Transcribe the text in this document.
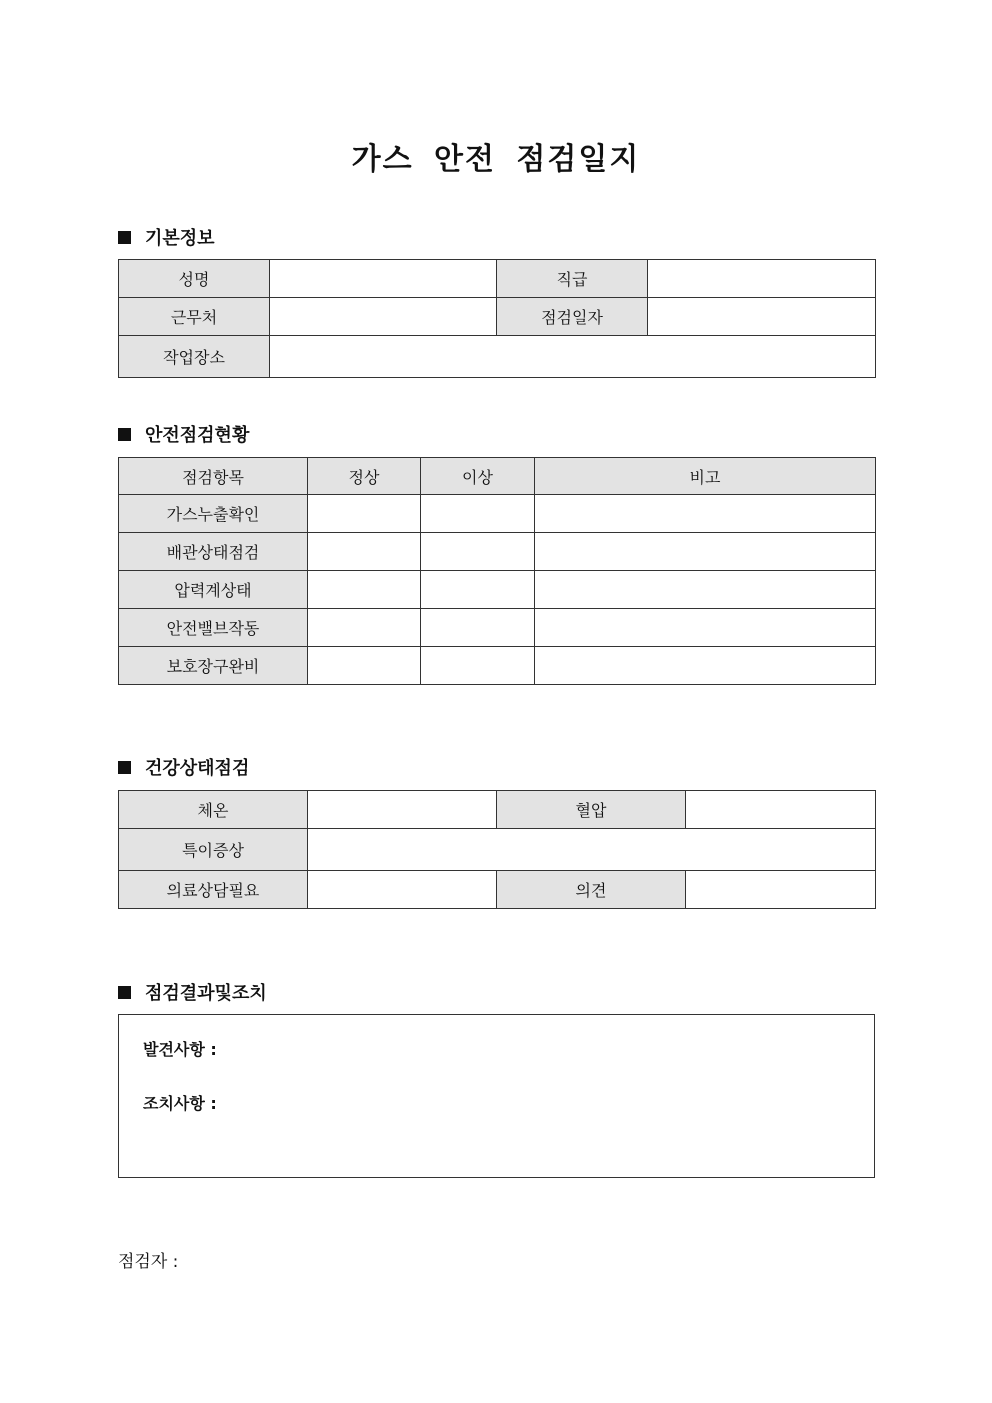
가스 안전 점검일지
기본정보
성명		직급	
근무처		점검일자	
작업장소			
안전점검현황
점검항목	정상	이상	비고
가스누출확인			
배관상태점검			
압력계상태			
안전밸브작동			
보호장구완비			
건강상태점검
체온		혈압	
특이증상			
의료상담필요		의견	
점검결과및조치
발견사항 :
조치사항 :
점검자 :
